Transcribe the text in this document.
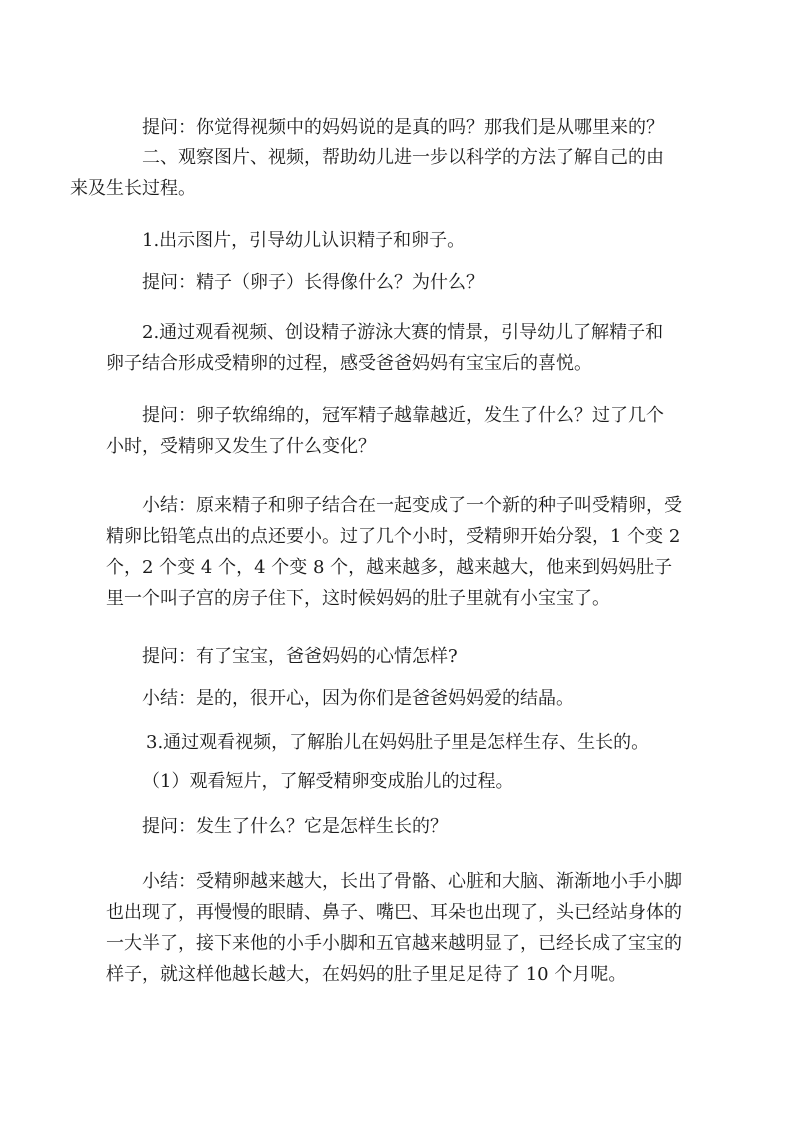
提问：你觉得视频中的妈妈说的是真的吗？那我们是从哪里来的？
二、观察图片、视频，帮助幼儿进一步以科学的方法了解自己的由
来及生长过程。
1.出示图片，引导幼儿认识精子和卵子。
提问：精子（卵子）长得像什么？为什么？
2.通过观看视频、创设精子游泳大赛的情景，引导幼儿了解精子和
卵子结合形成受精卵的过程，感受爸爸妈妈有宝宝后的喜悦。
提问：卵子软绵绵的，冠军精子越靠越近，发生了什么？过了几个
小时，受精卵又发生了什么变化？
小结：原来精子和卵子结合在一起变成了一个新的种子叫受精卵，受
精卵比铅笔点出的点还要小。过了几个小时，受精卵开始分裂，1 个变 2
个，2 个变 4 个，4 个变 8 个，越来越多，越来越大，他来到妈妈肚子
里一个叫子宫的房子住下，这时候妈妈的肚子里就有小宝宝了。
提问：有了宝宝，爸爸妈妈的心情怎样?
小结：是的，很开心，因为你们是爸爸妈妈爱的结晶。
3.通过观看视频，了解胎儿在妈妈肚子里是怎样生存、生长的。
（1）观看短片，了解受精卵变成胎儿的过程。
提问：发生了什么？它是怎样生长的？
小结：受精卵越来越大，长出了骨骼、心脏和大脑、渐渐地小手小脚
也出现了，再慢慢的眼睛、鼻子、嘴巴、耳朵也出现了，头已经站身体的
一大半了，接下来他的小手小脚和五官越来越明显了，已经长成了宝宝的
样子，就这样他越长越大，在妈妈的肚子里足足待了 10 个月呢。
